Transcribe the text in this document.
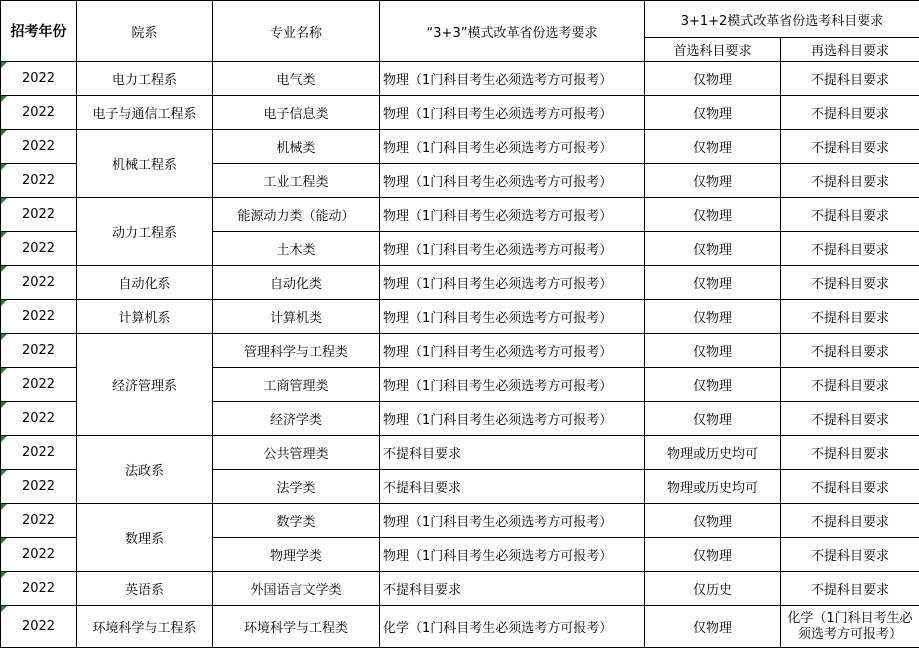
招考年份	院系	专业名称	“3+3”模式改革省份选考要求	3+1+2模式改革省份选考科目要求	
				首选科目要求	再选科目要求
2022	电力工程系	电气类	物理（1门科目考生必须选考方可报考）	仅物理	不提科目要求
2022	电子与通信工程系	电子信息类	物理（1门科目考生必须选考方可报考）	仅物理	不提科目要求
2022	机械工程系	机械类	物理（1门科目考生必须选考方可报考）	仅物理	不提科目要求
2022		工业工程类	物理（1门科目考生必须选考方可报考）	仅物理	不提科目要求
2022	动力工程系	能源动力类（能动）	物理（1门科目考生必须选考方可报考）	仅物理	不提科目要求
2022		土木类	物理（1门科目考生必须选考方可报考）	仅物理	不提科目要求
2022	自动化系	自动化类	物理（1门科目考生必须选考方可报考）	仅物理	不提科目要求
2022	计算机系	计算机类	物理（1门科目考生必须选考方可报考）	仅物理	不提科目要求
2022	经济管理系	管理科学与工程类	物理（1门科目考生必须选考方可报考）	仅物理	不提科目要求
2022		工商管理类	物理（1门科目考生必须选考方可报考）	仅物理	不提科目要求
2022		经济学类	物理（1门科目考生必须选考方可报考）	仅物理	不提科目要求
2022	法政系	公共管理类	不提科目要求	物理或历史均可	不提科目要求
2022		法学类	不提科目要求	物理或历史均可	不提科目要求
2022	数理系	数学类	物理（1门科目考生必须选考方可报考）	仅物理	不提科目要求
2022		物理学类	物理（1门科目考生必须选考方可报考）	仅物理	不提科目要求
2022	英语系	外国语言文学类	不提科目要求	仅历史	不提科目要求
2022	环境科学与工程系	环境科学与工程类	化学（1门科目考生必须选考方可报考）	仅物理	化学（1门科目考生必须选考方可报考）
